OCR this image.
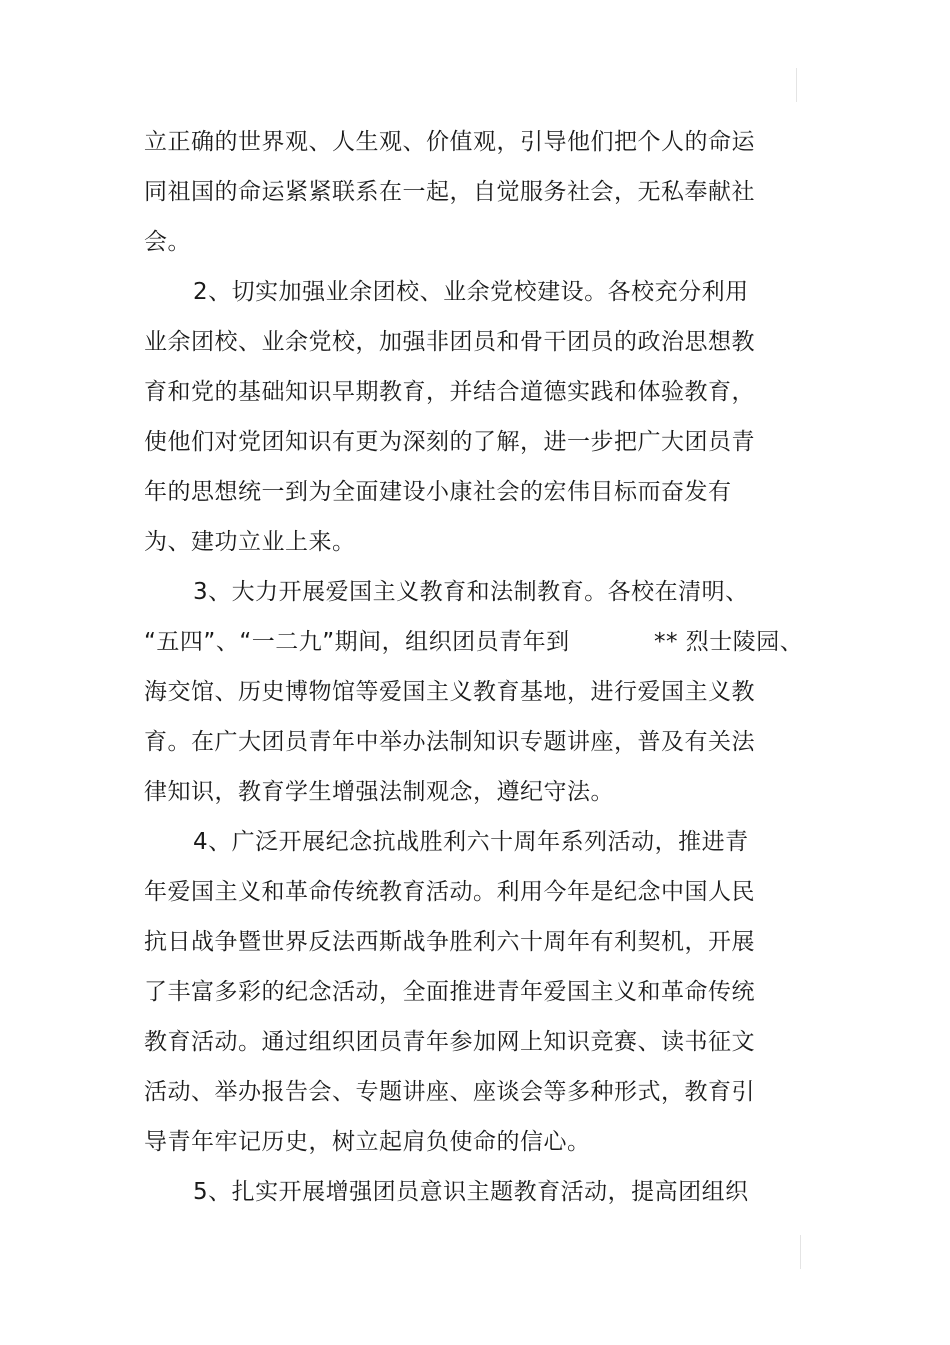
立正确的世界观、人生观、价值观，引导他们把个人的命运
同祖国的命运紧紧联系在一起，自觉服务社会，无私奉献社
会。
2、切实加强业余团校、业余党校建设。各校充分利用
业余团校、业余党校，加强非团员和骨干团员的政治思想教
育和党的基础知识早期教育，并结合道德实践和体验教育，
使他们对党团知识有更为深刻的了解，进一步把广大团员青
年的思想统一到为全面建设小康社会的宏伟目标而奋发有
为、建功立业上来。
3、大力开展爱国主义教育和法制教育。各校在清明、
“五四”、“一二九”期间，组织团员青年到	** 烈士陵园、
海交馆、历史博物馆等爱国主义教育基地，进行爱国主义教
育。在广大团员青年中举办法制知识专题讲座，普及有关法
律知识，教育学生增强法制观念，遵纪守法。
4、广泛开展纪念抗战胜利六十周年系列活动，推进青
年爱国主义和革命传统教育活动。利用今年是纪念中国人民
抗日战争暨世界反法西斯战争胜利六十周年有利契机，开展
了丰富多彩的纪念活动，全面推进青年爱国主义和革命传统
教育活动。通过组织团员青年参加网上知识竞赛、读书征文
活动、举办报告会、专题讲座、座谈会等多种形式，教育引
导青年牢记历史，树立起肩负使命的信心。
5、扎实开展增强团员意识主题教育活动，提高团组织
